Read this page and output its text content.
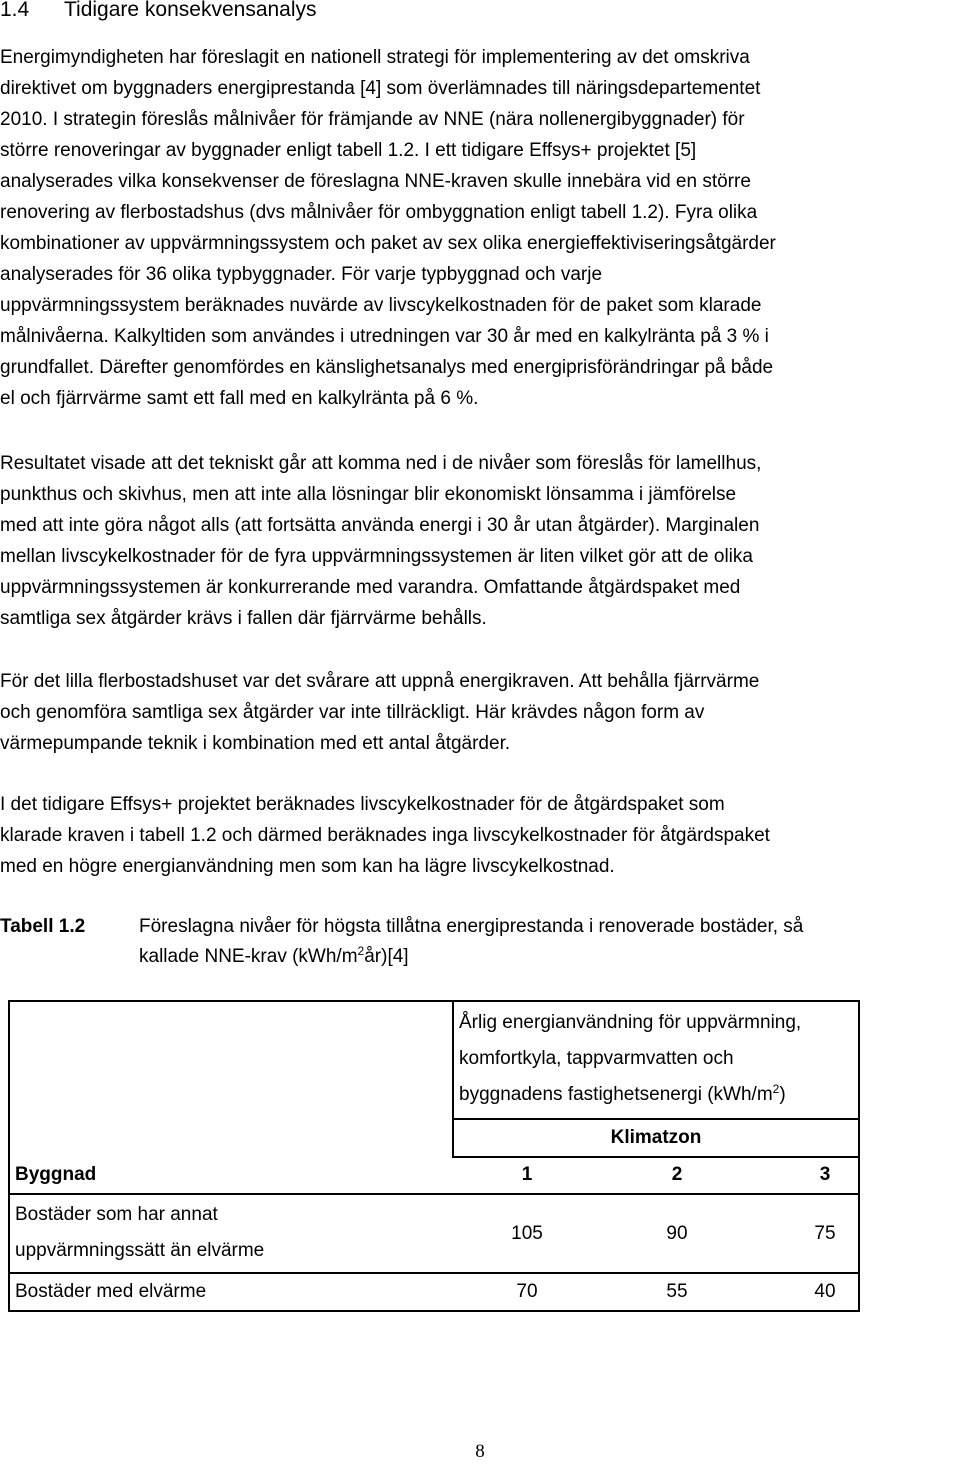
1.4 Tidigare konsekvensanalys
Energimyndigheten har föreslagit en nationell strategi för implementering av det omskriva
direktivet om byggnaders energiprestanda [4] som överlämnades till näringsdepartementet
2010. I strategin föreslås målnivåer för främjande av NNE (nära nollenergibyggnader) för
större renoveringar av byggnader enligt tabell 1.2. I ett tidigare Effsys+ projektet [5]
analyserades vilka konsekvenser de föreslagna NNE-kraven skulle innebära vid en större
renovering av flerbostadshus (dvs målnivåer för ombyggnation enligt tabell 1.2). Fyra olika
kombinationer av uppvärmningssystem och paket av sex olika energieffektiviseringsåtgärder
analyserades för 36 olika typbyggnader. För varje typbyggnad och varje
uppvärmningssystem beräknades nuvärde av livscykelkostnaden för de paket som klarade
målnivåerna. Kalkyltiden som användes i utredningen var 30 år med en kalkylränta på 3 % i
grundfallet. Därefter genomfördes en känslighetsanalys med energiprisförändringar på både
el och fjärrvärme samt ett fall med en kalkylränta på 6 %.
Resultatet visade att det tekniskt går att komma ned i de nivåer som föreslås för lamellhus,
punkthus och skivhus, men att inte alla lösningar blir ekonomiskt lönsamma i jämförelse
med att inte göra något alls (att fortsätta använda energi i 30 år utan åtgärder). Marginalen
mellan livscykelkostnader för de fyra uppvärmningssystemen är liten vilket gör att de olika
uppvärmningssystemen är konkurrerande med varandra. Omfattande åtgärdspaket med
samtliga sex åtgärder krävs i fallen där fjärrvärme behålls.
För det lilla flerbostadshuset var det svårare att uppnå energikraven. Att behålla fjärrvärme
och genomföra samtliga sex åtgärder var inte tillräckligt. Här krävdes någon form av
värmepumpande teknik i kombination med ett antal åtgärder.
I det tidigare Effsys+ projektet beräknades livscykelkostnader för de åtgärdspaket som
klarade kraven i tabell 1.2 och därmed beräknades inga livscykelkostnader för åtgärdspaket
med en högre energianvändning men som kan ha lägre livscykelkostnad.
Tabell 1.2	Föreslagna nivåer för högsta tillåtna energiprestanda i renoverade bostäder, så
kallade NNE-krav $(kWh/m^2år)[4]$
Årlig energianvändning för uppvärmning,
komfortkyla, tappvarmvatten och
byggnadens fastighetsenergi $(kWh/m^2)$
Klimatzon
Byggnad	1	2	3
Bostäder som har annat
uppvärmningssätt än elvärme
105	90	75
Bostäder med elvärme	70	55	40
8
